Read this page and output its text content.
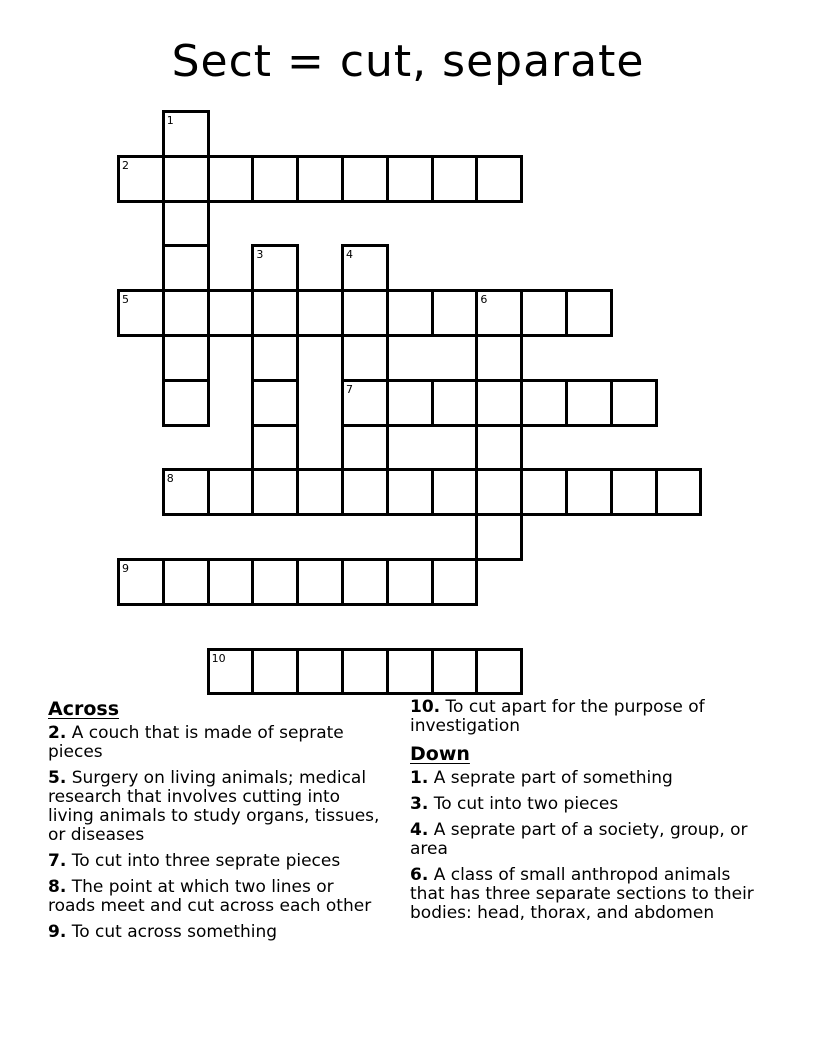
Sect = cut, separate
1
2
3	4
5	6
7
8
9
10
Across
2. A couch that is made of seprate pieces
5. Surgery on living animals; medical research that involves cutting into living animals to study organs, tissues, or diseases
7. To cut into three seprate pieces
8. The point at which two lines or roads meet and cut across each other
9. To cut across something
10. To cut apart for the purpose of investigation
Down
1. A seprate part of something
3. To cut into two pieces
4. A seprate part of a society, group, or area
6. A class of small anthropod animals that has three separate sections to their bodies: head, thorax, and abdomen
